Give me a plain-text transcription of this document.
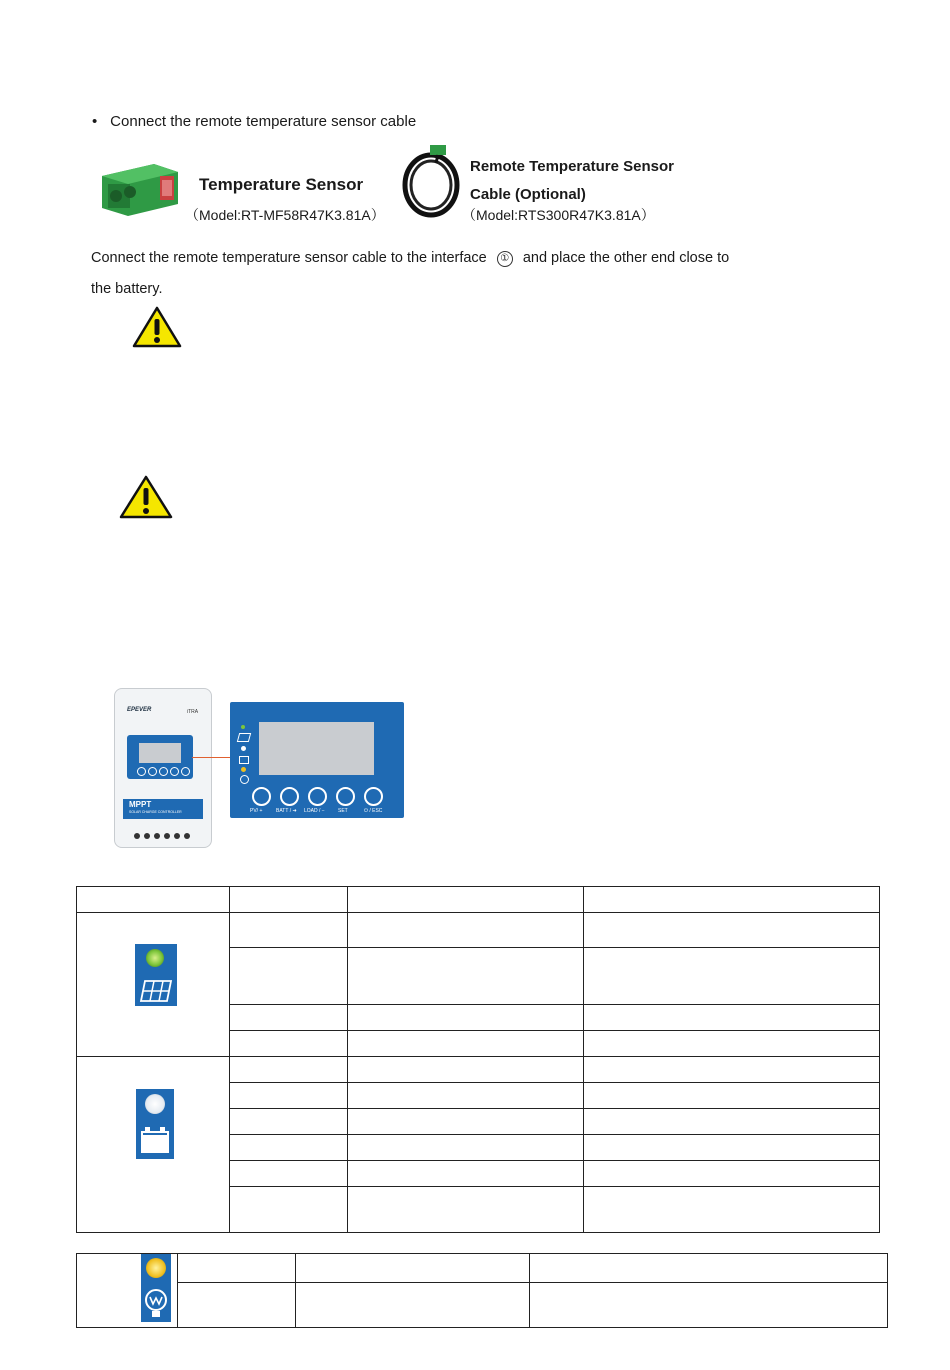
• Connect the remote temperature sensor cable
Temperature Sensor
（Model:RT-MF58R47K3.81A）
Remote Temperature Sensor
Cable (Optional)
（Model:RTS300R47K3.81A）
Connect the remote temperature sensor cable to the interface ① and place the other end close to
the battery.
EPEVER	iTRA
MPPT
SOLAR CHARGE CONTROLLER	PV/ +	BATT / ➜ LOAD / −	SET	⏻ / ESC
